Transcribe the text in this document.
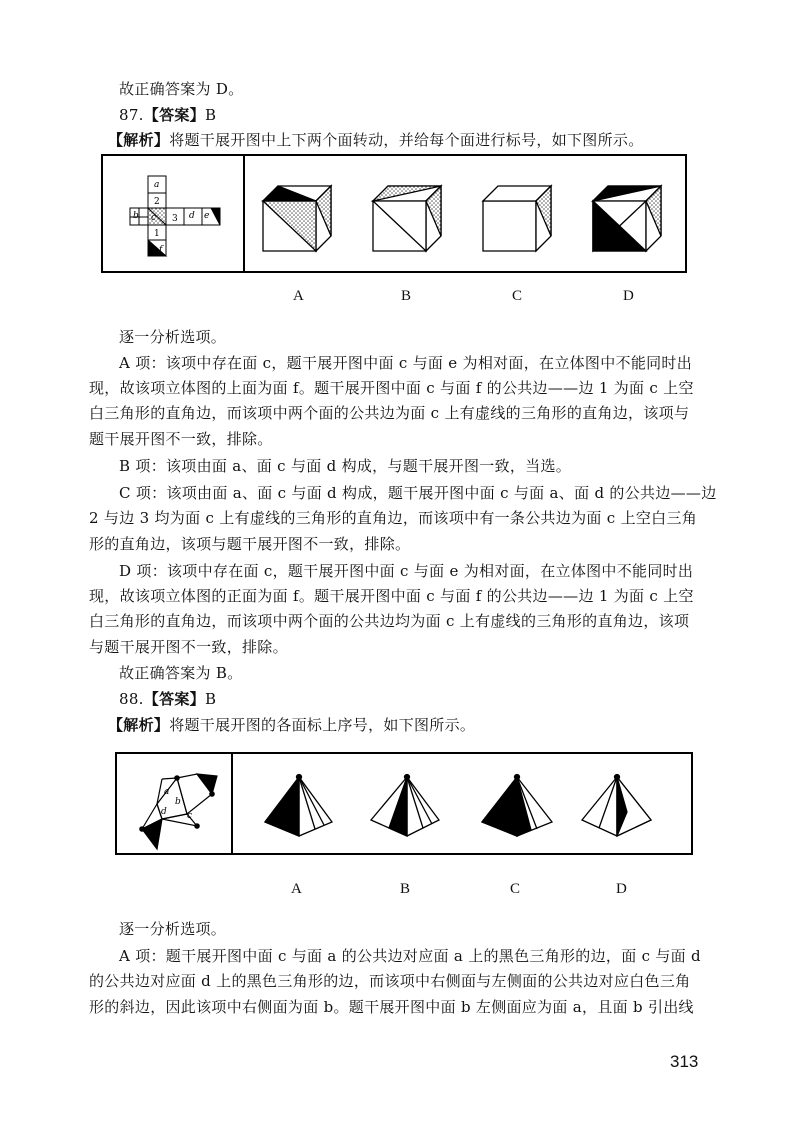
故正确答案为 D。
87.【答案】B
【解析】将题干展开图中上下两个面转动，并给每个面进行标号，如下图所示。
a
2
b c
1
3 d e
f
A	B	C	D
逐一分析选项。
A 项：该项中存在面 c，题干展开图中面 c 与面 e 为相对面，在立体图中不能同时出
现，故该项立体图的上面为面 f。题干展开图中面 c 与面 f 的公共边——边 1 为面 c 上空
白三角形的直角边，而该项中两个面的公共边为面 c 上有虚线的三角形的直角边，该项与
题干展开图不一致，排除。
B 项：该项由面 a、面 c 与面 d 构成，与题干展开图一致，当选。
C 项：该项由面 a、面 c 与面 d 构成，题干展开图中面 c 与面 a、面 d 的公共边——边
2 与边 3 均为面 c 上有虚线的三角形的直角边，而该项中有一条公共边为面 c 上空白三角
形的直角边，该项与题干展开图不一致，排除。
D 项：该项中存在面 c，题干展开图中面 c 与面 e 为相对面，在立体图中不能同时出
现，故该项立体图的正面为面 f。题干展开图中面 c 与面 f 的公共边——边 1 为面 c 上空
白三角形的直角边，而该项中两个面的公共边均为面 c 上有虚线的三角形的直角边，该项
与题干展开图不一致，排除。
故正确答案为 B。
88.【答案】B
【解析】将题干展开图的各面标上序号，如下图所示。
a
b
c
d
A	B	C	D
逐一分析选项。
A 项：题干展开图中面 c 与面 a 的公共边对应面 a 上的黑色三角形的边，面 c 与面 d
的公共边对应面 d 上的黑色三角形的边，而该项中右侧面与左侧面的公共边对应白色三角
形的斜边，因此该项中右侧面为面 b。题干展开图中面 b 左侧面应为面 a，且面 b 引出线
313
